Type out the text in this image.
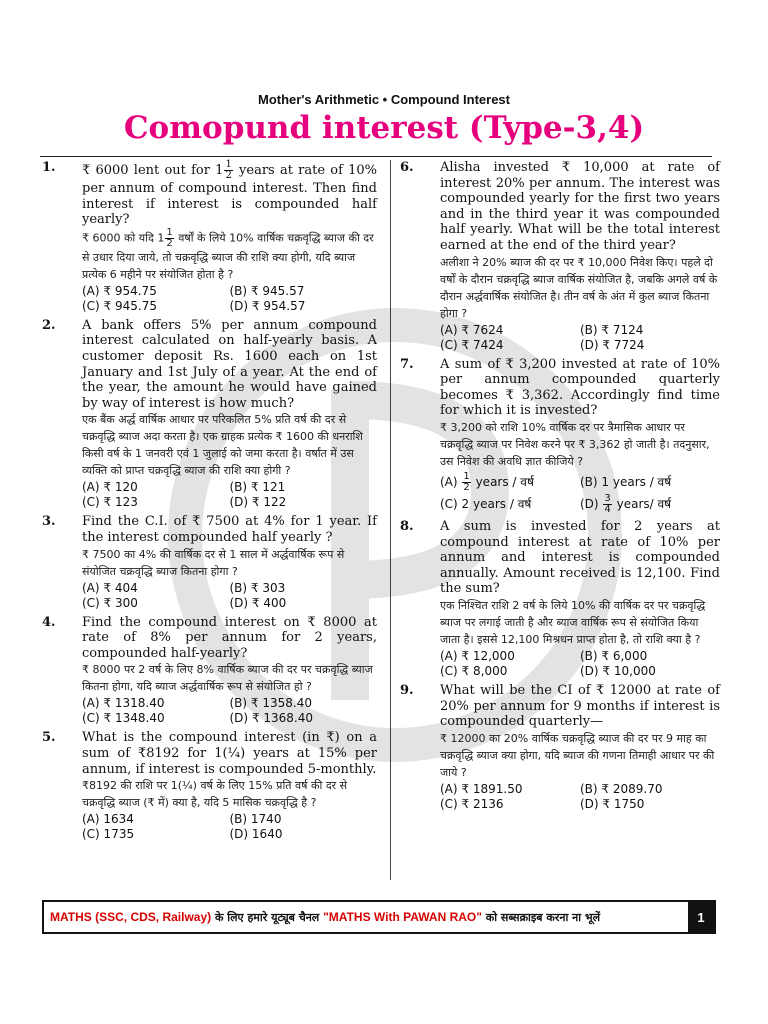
Mother's Arithmetic • Compound Interest
Comopund interest (Type-3,4)
1. ₹ 6000 lent out for $1 \frac{1}{2}$ years at rate of 10% per annum of compound interest. Then find interest if interest is compounded half yearly?
₹ 6000 को यदि $1 \frac{1}{2}$ वर्षों के लिये 10% वार्षिक चक्रवृद्धि ब्याज की दर से उधार दिया जाये, तो चक्रवृद्धि ब्याज की राशि क्या होगी, यदि ब्याज प्रत्येक 6 महीने पर संयोजित होता है ?
(A) ₹ 954.75	(B) ₹ 945.57
(C) ₹ 945.75	(D) ₹ 954.57
2. A bank offers 5% per annum compound interest calculated on half-yearly basis. A customer deposit Rs. 1600 each on 1st January and 1st July of a year. At the end of the year, the amount he would have gained by way of interest is how much?
एक बैंक अर्द्ध वार्षिक आधार पर परिकलित 5% प्रति वर्ष की दर से चक्रवृद्धि ब्याज अदा करता है। एक ग्राहक प्रत्येक ₹ 1600 की धनराशि किसी वर्ष के 1 जनवरी एवं 1 जुलाई को जमा करता है। वर्षांत में उस व्यक्ति को प्राप्त चक्रवृद्धि ब्याज की राशि क्या होगी ?
(A) ₹ 120	(B) ₹ 121
(C) ₹ 123	(D) ₹ 122
3. Find the C.I. of ₹ 7500 at 4% for 1 year. If the interest compounded half yearly ?
₹ 7500 का 4% की वार्षिक दर से 1 साल में अर्द्धवार्षिक रूप से संयोजित चक्रवृद्धि ब्याज कितना होगा ?
(A) ₹ 404	(B) ₹ 303
(C) ₹ 300	(D) ₹ 400
4. Find the compound interest on ₹ 8000 at rate of 8% per annum for 2 years, compounded half-yearly?
₹ 8000 पर 2 वर्ष के लिए 8% वार्षिक ब्याज की दर पर चक्रवृद्धि ब्याज कितना होगा, यदि ब्याज अर्द्धवार्षिक रूप से संयोजित हो ?
(A) ₹ 1318.40	(B) ₹ 1358.40
(C) ₹ 1348.40	(D) ₹ 1368.40
5. What is the compound interest (in ₹) on a sum of ₹8192 for 1(¼) years at 15% per annum, if interest is compounded 5-monthly.
₹8192 की राशि पर 1(¼) वर्ष के लिए 15% प्रति वर्ष की दर से चक्रवृद्धि ब्याज (₹ में) क्या है, यदि 5 मासिक चक्रवृद्धि है ?
(A) 1634	(B) 1740
(C) 1735	(D) 1640
6. Alisha invested ₹ 10,000 at rate of interest 20% per annum. The interest was compounded yearly for the first two years and in the third year it was compounded half yearly. What will be the total interest earned at the end of the third year?
अलीशा ने 20% ब्याज की दर पर ₹ 10,000 निवेश किए। पहले दो वर्षों के दौरान चक्रवृद्धि ब्याज वार्षिक संयोजित है, जबकि अगले वर्ष के दौरान अर्द्धवार्षिक संयोजित है। तीन वर्ष के अंत में कुल ब्याज कितना होगा ?
(A) ₹ 7624	(B) ₹ 7124
(C) ₹ 7424	(D) ₹ 7724
7. A sum of ₹ 3,200 invested at rate of 10% per annum compounded quarterly becomes ₹ 3,362. Accordingly find time for which it is invested?
₹ 3,200 को राशि 10% वार्षिक दर पर त्रैमासिक आधार पर चक्रवृद्धि ब्याज पर निवेश करने पर ₹ 3,362 हो जाती है। तदनुसार, उस निवेश की अवधि ज्ञात कीजिये ?
$(A) \frac{1}{2}$ years / वर्ष	(B) 1 years / वर्ष
(C) 2 years / वर्ष	$(D) \frac{3}{4}$ years/ वर्ष
8. A sum is invested for 2 years at compound interest at rate of 10% per annum and interest is compounded annually. Amount received is 12,100. Find the sum?
एक निश्चित राशि 2 वर्ष के लिये 10% की वार्षिक दर पर चक्रवृद्धि ब्याज पर लगाई जाती है और ब्याज वार्षिक रूप से संयोजित किया जाता है। इससे 12,100 मिश्रधन प्राप्त होता है, तो राशि क्या है ?
(A) ₹ 12,000	(B) ₹ 6,000
(C) ₹ 8,000	(D) ₹ 10,000
9. What will be the CI of ₹ 12000 at rate of 20% per annum for 9 months if interest is compounded quarterly—
₹ 12000 का 20% वार्षिक चक्रवृद्धि ब्याज की दर पर 9 माह का चक्रवृद्धि ब्याज क्या होगा, यदि ब्याज की गणना तिमाही आधार पर की जाये ?
(A) ₹ 1891.50	(B) ₹ 2089.70
(C) ₹ 2136	(D) ₹ 1750
MATHS (SSC, CDS, Railway) के लिए हमारे यूट्यूब चैनल "MATHS With PAWAN RAO" को सब्सक्राइब करना ना भूलें	1
